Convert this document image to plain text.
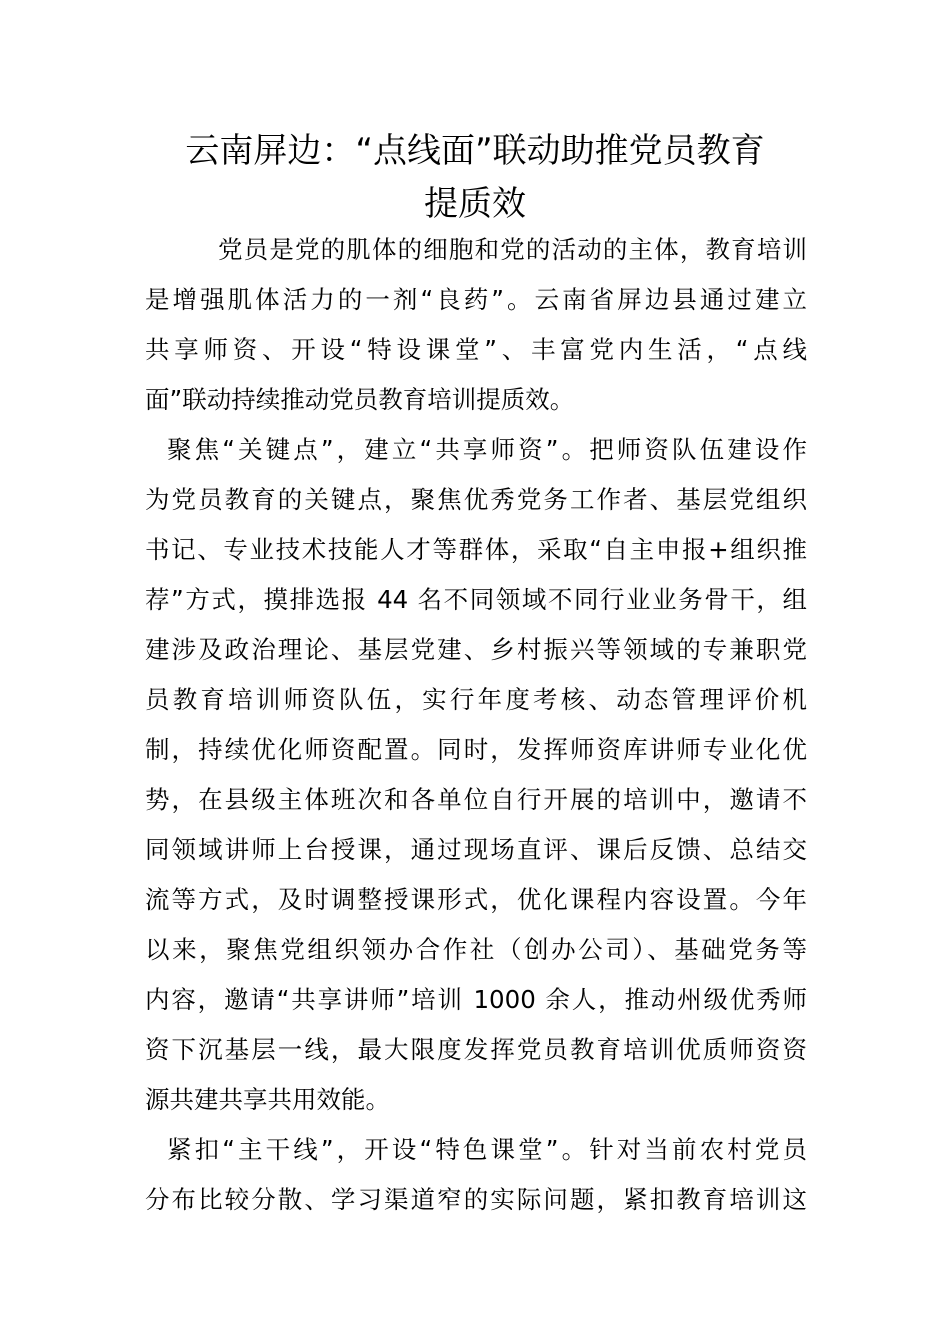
云南屏边：“点线面”联动助推党员教育
提质效

党员是党的肌体的细胞和党的活动的主体，教育培训

是增强肌体活力的一剂“良药”。云南省屏边县通过建立

共享师资、开设“特设课堂”、丰富党内生活，“点线

面”联动持续推动党员教育培训提质效。

聚焦“关键点”，建立“共享师资”。把师资队伍建设作

为党员教育的关键点，聚焦优秀党务工作者、基层党组织

书记、专业技术技能人才等群体，采取“自主申报+组织推

荐”方式，摸排选报 44 名不同领域不同行业业务骨干，组

建涉及政治理论、基层党建、乡村振兴等领域的专兼职党

员教育培训师资队伍，实行年度考核、动态管理评价机

制，持续优化师资配置。同时，发挥师资库讲师专业化优

势，在县级主体班次和各单位自行开展的培训中，邀请不

同领域讲师上台授课，通过现场直评、课后反馈、总结交

流等方式，及时调整授课形式，优化课程内容设置。今年

以来，聚焦党组织领办合作社（创办公司）、基础党务等

内容，邀请“共享讲师”培训 1000 余人，推动州级优秀师

资下沉基层一线，最大限度发挥党员教育培训优质师资资

源共建共享共用效能。

紧扣“主干线”，开设“特色课堂”。针对当前农村党员

分布比较分散、学习渠道窄的实际问题，紧扣教育培训这
